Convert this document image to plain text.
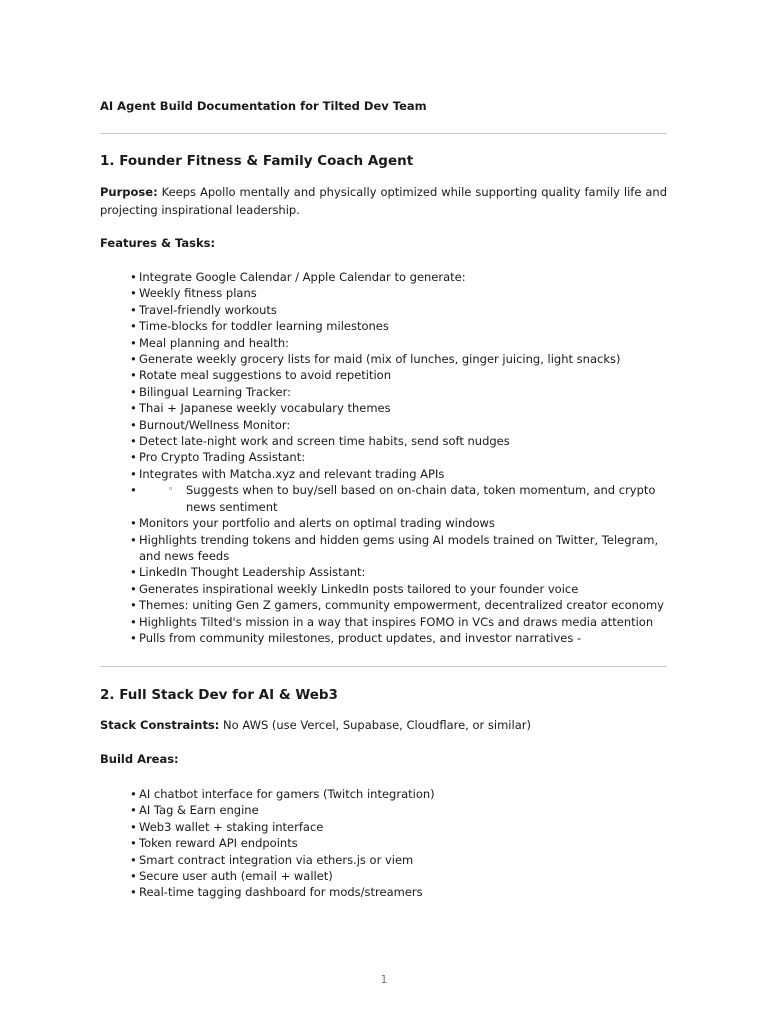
AI Agent Build Documentation for Tilted Dev Team
1. Founder Fitness & Family Coach Agent
Purpose: Keeps Apollo mentally and physically optimized while supporting quality family life and projecting inspirational leadership.
Features & Tasks:
• Integrate Google Calendar / Apple Calendar to generate:
• Weekly fitness plans
• Travel-friendly workouts
• Time-blocks for toddler learning milestones
• Meal planning and health:
• Generate weekly grocery lists for maid (mix of lunches, ginger juicing, light snacks)
• Rotate meal suggestions to avoid repetition
• Bilingual Learning Tracker:
• Thai + Japanese weekly vocabulary themes
• Burnout/Wellness Monitor:
• Detect late-night work and screen time habits, send soft nudges
• Pro Crypto Trading Assistant:
• Integrates with Matcha.xyz and relevant trading APIs
•	◦ Suggests when to buy/sell based on on-chain data, token momentum, and crypto news sentiment
• Monitors your portfolio and alerts on optimal trading windows
• Highlights trending tokens and hidden gems using AI models trained on Twitter, Telegram, and news feeds
• LinkedIn Thought Leadership Assistant:
• Generates inspirational weekly LinkedIn posts tailored to your founder voice
• Themes: uniting Gen Z gamers, community empowerment, decentralized creator economy
• Highlights Tilted's mission in a way that inspires FOMO in VCs and draws media attention
• Pulls from community milestones, product updates, and investor narratives -
2. Full Stack Dev for AI & Web3
Stack Constraints: No AWS (use Vercel, Supabase, Cloudflare, or similar)
Build Areas:
• AI chatbot interface for gamers (Twitch integration)
• AI Tag & Earn engine
• Web3 wallet + staking interface
• Token reward API endpoints
• Smart contract integration via ethers.js or viem
• Secure user auth (email + wallet)
• Real-time tagging dashboard for mods/streamers
1
